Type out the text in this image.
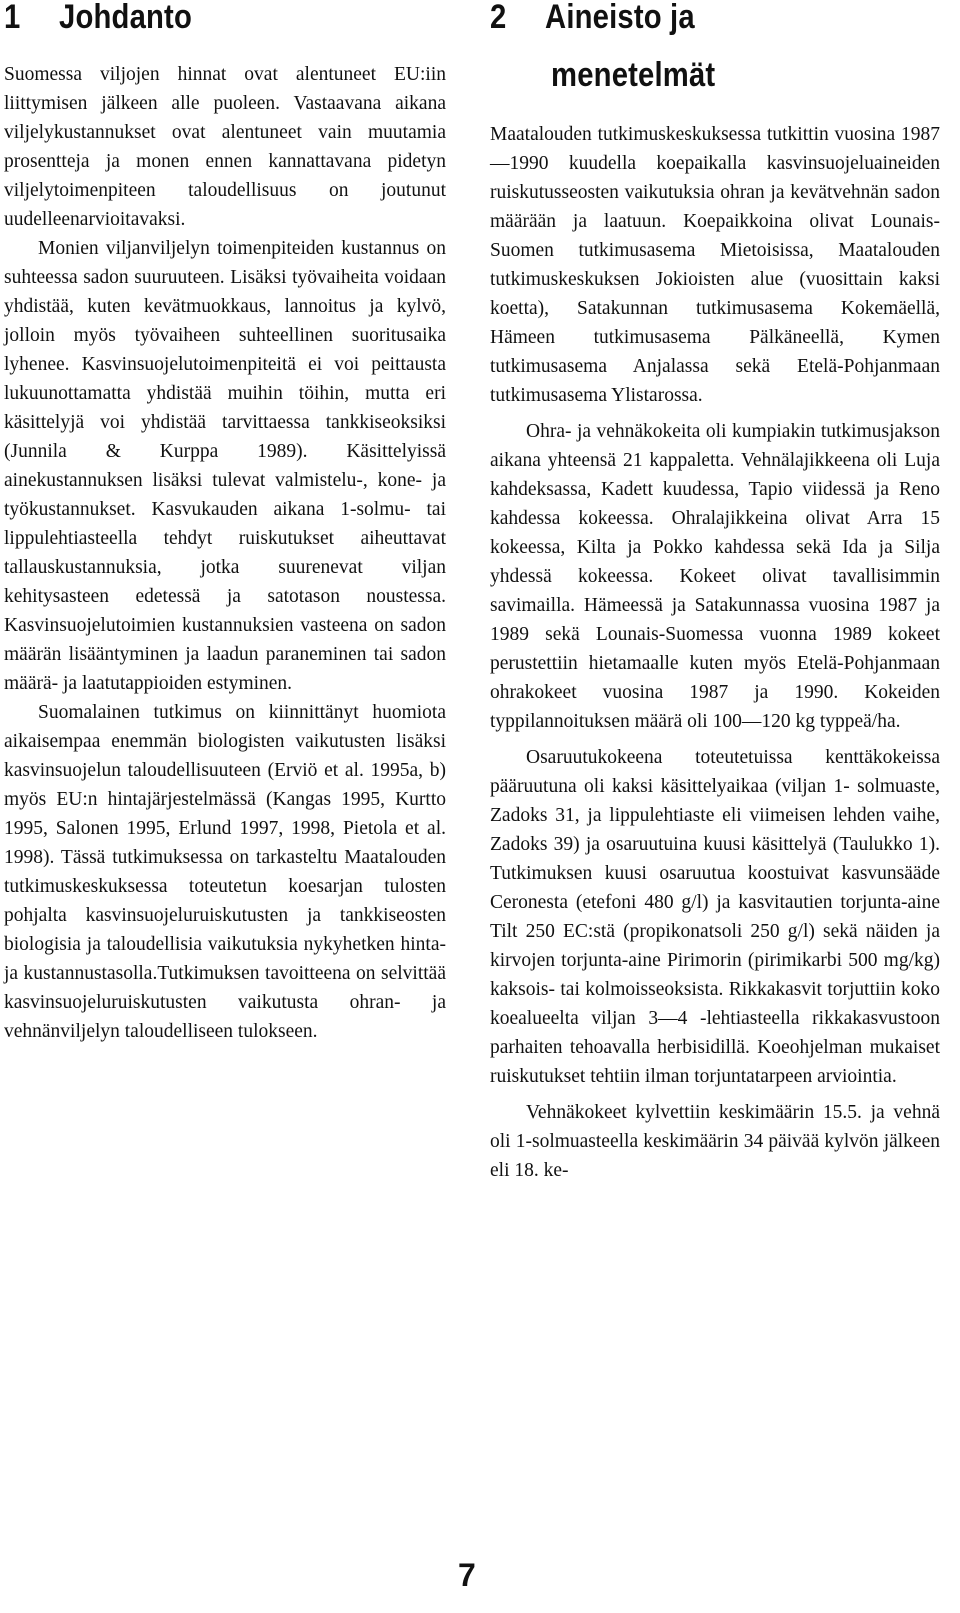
1 Johdanto

Suomessa viljojen hinnat ovat alentuneet EU:iin liittymisen jälkeen alle puoleen. Vastaavana aikana viljelykustannukset ovat alentuneet vain muutamia prosentteja ja monen ennen kannattavana pidetyn viljelytoimenpiteen taloudellisuus on joutunut uudelleenarvioitavaksi.

Monien viljanviljelyn toimenpiteiden kustannus on suhteessa sadon suuruuteen. Lisäksi työvaiheita voidaan yhdistää, kuten kevätmuokkaus, lannoitus ja kylvö, jolloin myös työvaiheen suhteellinen suoritusaika lyhenee. Kasvinsuojelutoimenpiteitä ei voi peittausta lukuunottamatta yhdistää muihin töihin, mutta eri käsittelyjä voi yhdistää tarvittaessa tankkiseoksiksi (Junnila & Kurppa 1989). Käsittelyissä ainekustannuksen lisäksi tulevat valmistelu-, kone- ja työkustannukset. Kasvukauden aikana 1-solmu- tai lippulehtiasteella tehdyt ruiskutukset aiheuttavat tallauskustannuksia, jotka suurenevat viljan kehitysasteen edetessä ja satotason noustessa. Kasvinsuojelutoimien kustannuksien vasteena on sadon määrän lisääntyminen ja laadun paraneminen tai sadon määrä- ja laatutappioiden estyminen.

Suomalainen tutkimus on kiinnittänyt huomiota aikaisempaa enemmän biologisten vaikutusten lisäksi kasvinsuojelun taloudellisuuteen (Erviö et al. 1995a, b) myös EU:n hintajärjestelmässä (Kangas 1995, Kurtto 1995, Salonen 1995, Erlund 1997, 1998, Pietola et al. 1998). Tässä tutkimuksessa on tarkasteltu Maatalouden tutkimuskeskuksessa toteutetun koesarjan tulosten pohjalta kasvinsuojeluruiskutusten ja tankkiseosten biologisia ja taloudellisia vaikutuksia nykyhetken hinta- ja kustannustasolla.Tutkimuksen tavoitteena on selvittää kasvinsuojeluruiskutusten vaikutusta ohran- ja vehnänviljelyn taloudelliseen tulokseen.

2 Aineisto ja
menetelmät

Maatalouden tutkimuskeskuksessa tutkittin vuosina 1987—1990 kuudella koepaikalla kasvinsuojeluaineiden ruiskutusseosten vaikutuksia ohran ja kevätvehnän sadon määrään ja laatuun. Koepaikkoina olivat Lounais-Suomen tutkimusasema Mietoisissa, Maatalouden tutkimuskeskuksen Jokioisten alue (vuosittain kaksi koetta), Satakunnan tutkimusasema Kokemäellä, Hämeen tutkimusasema Pälkäneellä, Kymen tutkimusasema Anjalassa sekä Etelä-Pohjanmaan tutkimusasema Ylistarossa.

Ohra- ja vehnäkokeita oli kumpiakin tutkimusjakson aikana yhteensä 21 kappaletta. Vehnälajikkeena oli Luja kahdeksassa, Kadett kuudessa, Tapio viidessä ja Reno kahdessa kokeessa. Ohralajikkeina olivat Arra 15 kokeessa, Kilta ja Pokko kahdessa sekä Ida ja Silja yhdessä kokeessa. Kokeet olivat tavallisimmin savimailla. Hämeessä ja Satakunnassa vuosina 1987 ja 1989 sekä Lounais-Suomessa vuonna 1989 kokeet perustettiin hietamaalle kuten myös Etelä-Pohjanmaan ohrakokeet vuosina 1987 ja 1990. Kokeiden typpilannoituksen määrä oli 100—120 kg typpeä/ha.

Osaruutukokeena toteutetuissa kenttäkokeissa pääruutuna oli kaksi käsittelyaikaa (viljan 1- solmuaste, Zadoks 31, ja lippulehtiaste eli viimeisen lehden vaihe, Zadoks 39) ja osaruutuina kuusi käsittelyä (Taulukko 1). Tutkimuksen kuusi osaruutua koostuivat kasvunsääde Ceronesta (etefoni 480 g/l) ja kasvitautien torjunta-aine Tilt 250 EC:stä (propikonatsoli 250 g/l) sekä näiden ja kirvojen torjunta-aine Pirimorin (pirimikarbi 500 mg/kg) kaksois- tai kolmoisseoksista. Rikkakasvit torjuttiin koko koealueelta viljan 3—4 -lehtiasteella rikkakasvustoon parhaiten tehoavalla herbisidillä. Koeohjelman mukaiset ruiskutukset tehtiin ilman torjuntatarpeen arviointia.

Vehnäkokeet kylvettiin keskimäärin 15.5. ja vehnä oli 1-solmuasteella keskimäärin 34 päivää kylvön jälkeen eli 18. ke-

7
